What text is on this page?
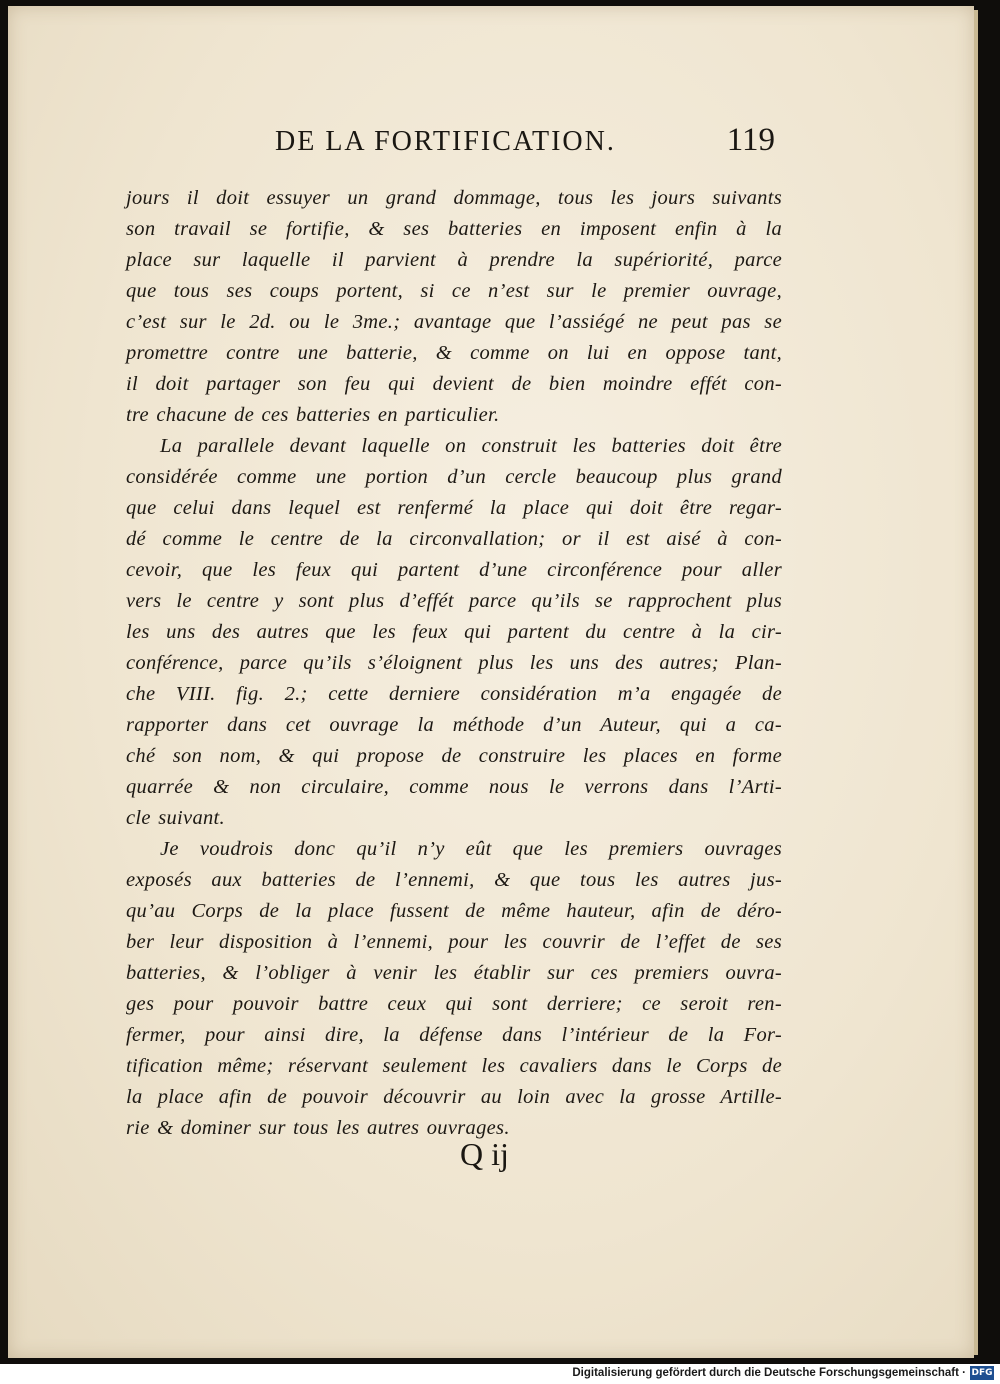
DE LA FORTIFICATION.	119
jours il doit essuyer un grand dommage, tous les jours suivants
son travail se fortifie, & ses batteries en imposent enfin à la
place sur laquelle il parvient à prendre la supériorité, parce
que tous ses coups portent, si ce n’est sur le premier ouvrage,
c’est sur le 2d. ou le 3me.; avantage que l’assiégé ne peut pas se
promettre contre une batterie, & comme on lui en oppose tant,
il doit partager son feu qui devient de bien moindre effét con-
tre chacune de ces batteries en particulier.
La parallele devant laquelle on construit les batteries doit être
considérée comme une portion d’un cercle beaucoup plus grand
que celui dans lequel est renfermé la place qui doit être regar-
dé comme le centre de la circonvallation; or il est aisé à con-
cevoir, que les feux qui partent d’une circonférence pour aller
vers le centre y sont plus d’effét parce qu’ils se rapprochent plus
les uns des autres que les feux qui partent du centre à la cir-
conférence, parce qu’ils s’éloignent plus les uns des autres; Plan-
che VIII. fig. 2.; cette derniere considération m’a engagée de
rapporter dans cet ouvrage la méthode d’un Auteur, qui a ca-
ché son nom, & qui propose de construire les places en forme
quarrée & non circulaire, comme nous le verrons dans l’Arti-
cle suivant.
Je voudrois donc qu’il n’y eût que les premiers ouvrages
exposés aux batteries de l’ennemi, & que tous les autres jus-
qu’au Corps de la place fussent de même hauteur, afin de déro-
ber leur disposition à l’ennemi, pour les couvrir de l’effet de ses
batteries, & l’obliger à venir les établir sur ces premiers ouvra-
ges pour pouvoir battre ceux qui sont derriere; ce seroit ren-
fermer, pour ainsi dire, la défense dans l’intérieur de la For-
tification même; réservant seulement les cavaliers dans le Corps de
la place afin de pouvoir découvrir au loin avec la grosse Artille-
rie & dominer sur tous les autres ouvrages.
Q ij
Digitalisierung gefördert durch die Deutsche Forschungsgemeinschaft · DFG
